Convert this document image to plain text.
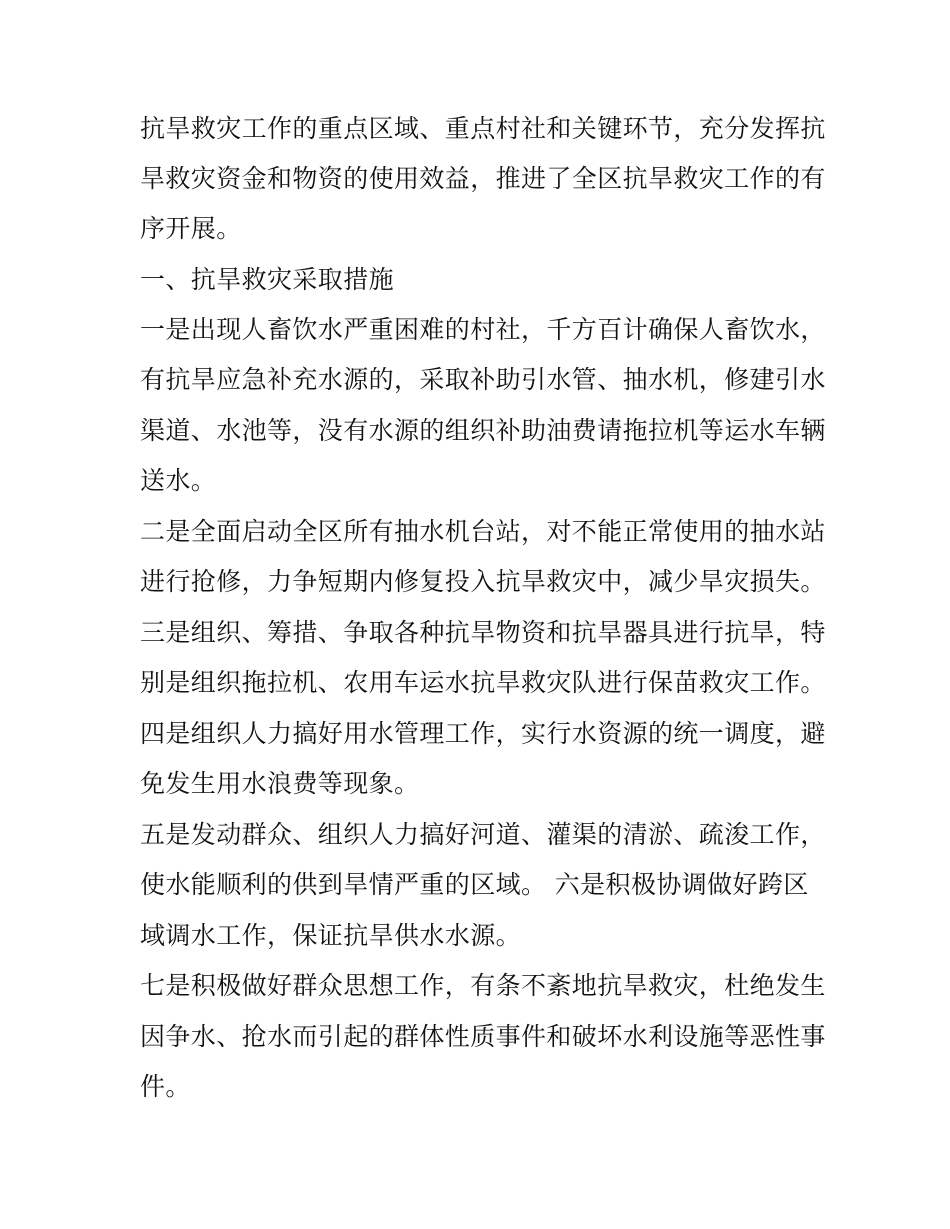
抗旱救灾工作的重点区域、重点村社和关键环节，充分发挥抗
旱救灾资金和物资的使用效益，推进了全区抗旱救灾工作的有
序开展。
一、抗旱救灾采取措施
一是出现人畜饮水严重困难的村社，千方百计确保人畜饮水，
有抗旱应急补充水源的，采取补助引水管、抽水机，修建引水
渠道、水池等，没有水源的组织补助油费请拖拉机等运水车辆
送水。
二是全面启动全区所有抽水机台站，对不能正常使用的抽水站
进行抢修，力争短期内修复投入抗旱救灾中，减少旱灾损失。
三是组织、筹措、争取各种抗旱物资和抗旱器具进行抗旱，特
别是组织拖拉机、农用车运水抗旱救灾队进行保苗救灾工作。
四是组织人力搞好用水管理工作，实行水资源的统一调度，避
免发生用水浪费等现象。
五是发动群众、组织人力搞好河道、灌渠的清淤、疏浚工作，
使水能顺利的供到旱情严重的区域。 六是积极协调做好跨区
域调水工作，保证抗旱供水水源。
七是积极做好群众思想工作，有条不紊地抗旱救灾，杜绝发生
因争水、抢水而引起的群体性质事件和破坏水利设施等恶性事
件。
